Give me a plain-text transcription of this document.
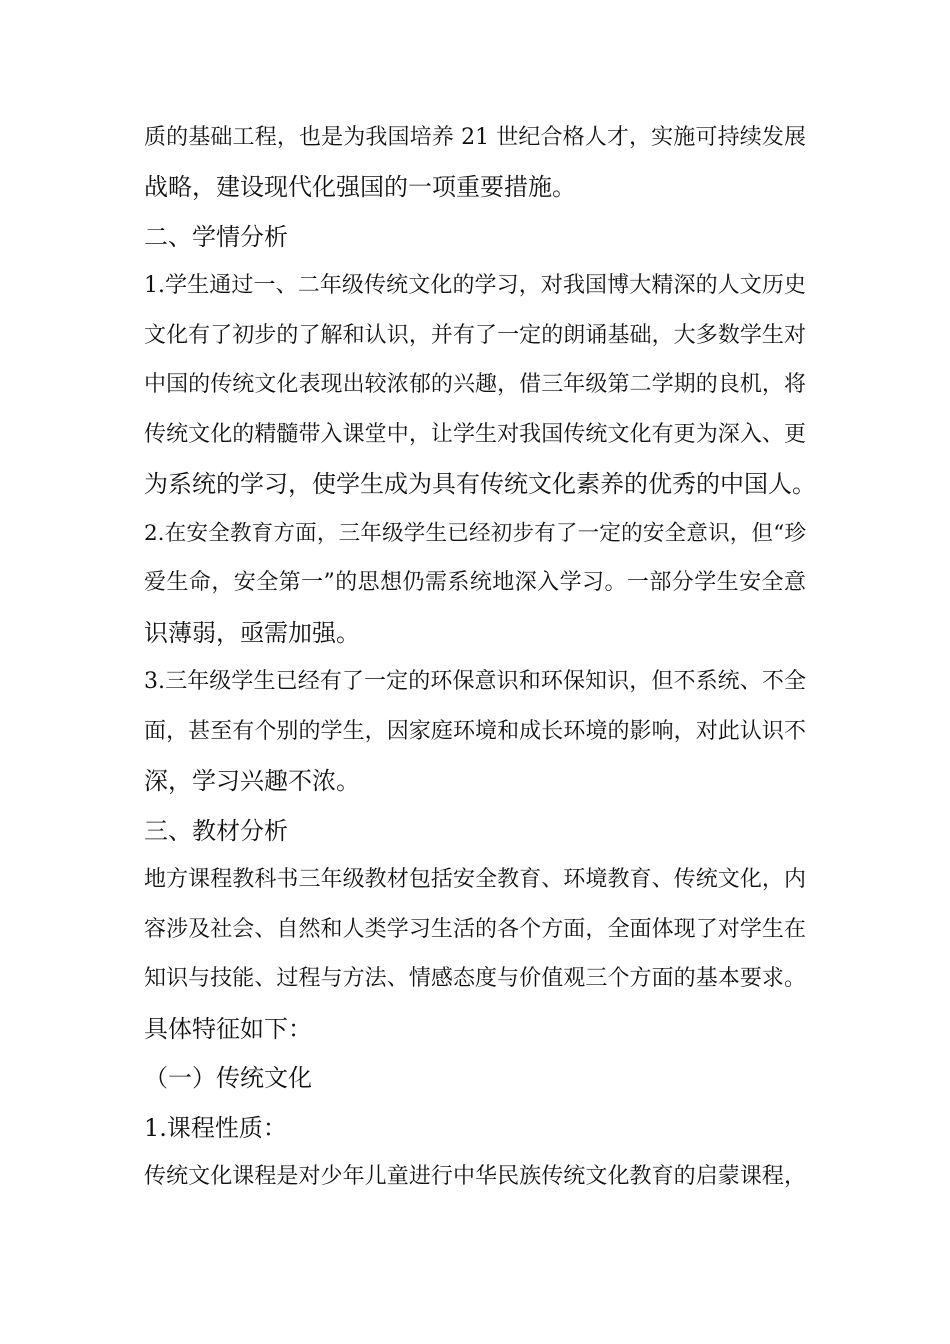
质的基础工程，也是为我国培养 21 世纪合格人才，实施可持续发展
战略，建设现代化强国的一项重要措施。
二、学情分析
1.学生通过一、二年级传统文化的学习，对我国博大精深的人文历史
文化有了初步的了解和认识，并有了一定的朗诵基础，大多数学生对
中国的传统文化表现出较浓郁的兴趣，借三年级第二学期的良机，将
传统文化的精髓带入课堂中，让学生对我国传统文化有更为深入、更
为系统的学习，使学生成为具有传统文化素养的优秀的中国人。
2.在安全教育方面，三年级学生已经初步有了一定的安全意识，但“珍
爱生命，安全第一”的思想仍需系统地深入学习。一部分学生安全意
识薄弱，亟需加强。
3.三年级学生已经有了一定的环保意识和环保知识，但不系统、不全
面，甚至有个别的学生，因家庭环境和成长环境的影响，对此认识不
深，学习兴趣不浓。
三、教材分析
地方课程教科书三年级教材包括安全教育、环境教育、传统文化，内
容涉及社会、自然和人类学习生活的各个方面，全面体现了对学生在
知识与技能、过程与方法、情感态度与价值观三个方面的基本要求。
具体特征如下：
（一）传统文化
1.课程性质：
传统文化课程是对少年儿童进行中华民族传统文化教育的启蒙课程，
